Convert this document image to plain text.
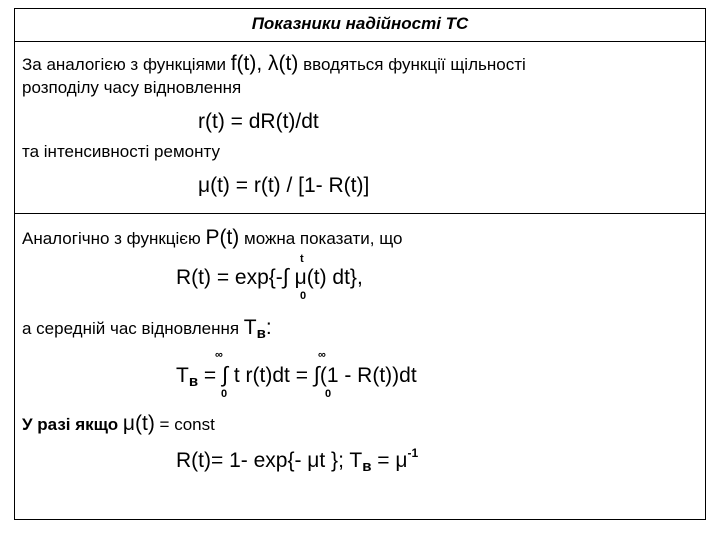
Показники надійності ТС
За аналогією з функціями f(t), λ(t) вводяться функції щільності
розподілу часу відновлення
r(t) = dR(t)/dt
та інтенсивності ремонту
μ(t) = r(t) / [1- R(t)]
Аналогічно з функцією P(t) можна показати, що
t
R(t) = exp{-∫ μ(t) dt},
0
а середній час відновлення Tв:
∞	∞
$T_в$ = ∫ t r(t)dt = ∫(1 - R(t))dt
0	0
У разі якщо μ(t) = const
R(t)= 1- exp{- μt }; $T_в = \mu^{-1}$
